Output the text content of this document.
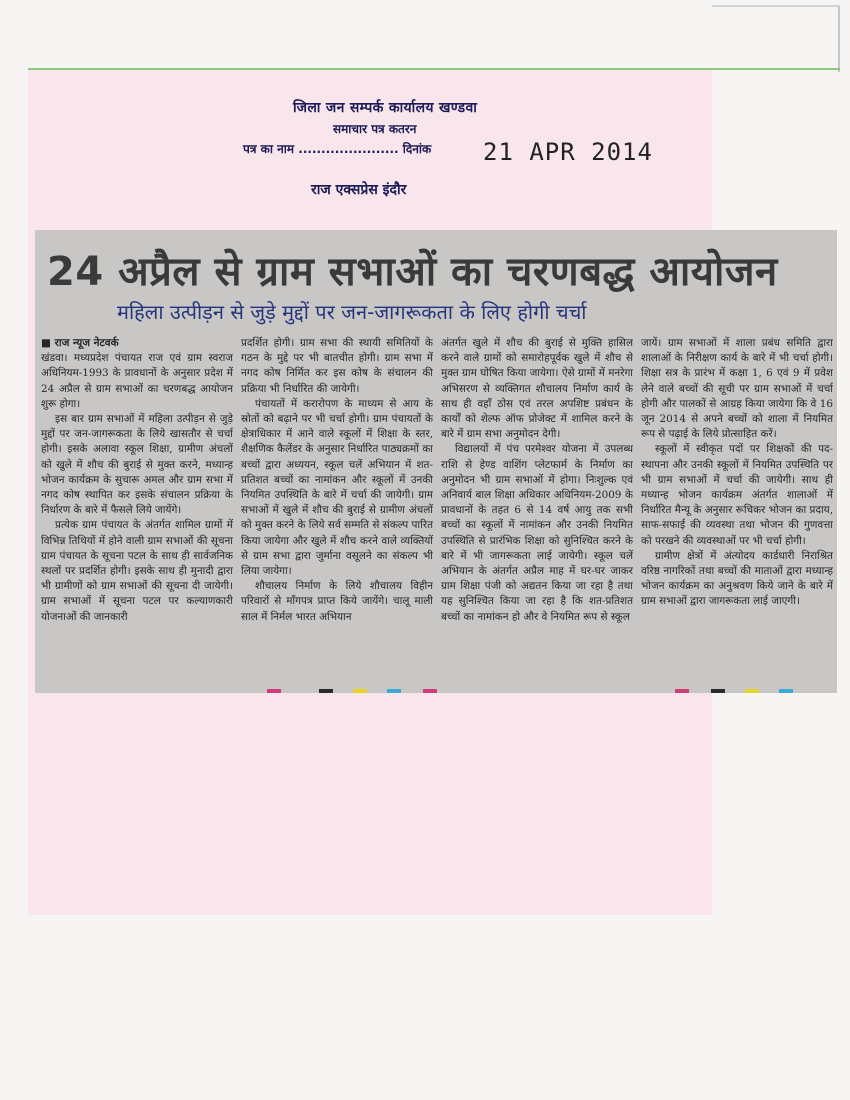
जिला जन सम्पर्क कार्यालय खण्डवा
समाचार पत्र कतरन
पत्र का नाम ...................... दिनांक	21 APR 2014
राज एक्सप्रेस इंदौर
24 अप्रैल से ग्राम सभाओं का चरणबद्ध आयोजन
महिला उत्पीड़न से जुड़े मुद्दों पर जन-जागरूकता के लिए होगी चर्चा
■ राज न्यूज नेटवर्क

खंडवा। मध्यप्रदेश पंचायत राज एवं ग्राम स्वराज अधिनियम-1993 के प्रावधानों के अनुसार प्रदेश में 24 अप्रैल से ग्राम सभाओं का चरणबद्ध आयोजन शुरू होगा।

इस बार ग्राम सभाओं में महिला उत्पीड़न से जुड़े मुद्दों पर जन-जागरूकता के लिये खासतौर से चर्चा होगी। इसके अलावा स्कूल शिक्षा, ग्रामीण अंचलों को खुले में शौच की बुराई से मुक्त करने, मध्यान्ह भोजन कार्यक्रम के सुचारू अमल और ग्राम सभा में नगद कोष स्थापित कर इसके संचालन प्रक्रिया के निर्धारण के बारे में फैसले लिये जायेंगे।

प्रत्येक ग्राम पंचायत के अंतर्गत शामिल ग्रामों में विभिन्न तिथियों में होने वाली ग्राम सभाओं की सूचना ग्राम पंचायत के सूचना पटल के साथ ही सार्वजनिक स्थलों पर प्रदर्शित होगी। इसके साथ ही मुनादी द्वारा भी ग्रामीणों को ग्राम सभाओं की सूचना दी जायेगी। ग्राम सभाओं में सूचना पटल पर कल्याणकारी योजनाओं की जानकारी

प्रदर्शित होगी। ग्राम सभा की स्थायी समितियों के गठन के मुद्दे पर भी बातचीत होगी। ग्राम सभा में नगद कोष निर्मित कर इस कोष के संचालन की प्रक्रिया भी निर्धारित की जायेगी।

पंचायतों में करारोपण के माध्यम से आय के स्रोतों को बढ़ाने पर भी चर्चा होगी। ग्राम पंचायतों के क्षेत्राधिकार में आने वाले स्कूलों में शिक्षा के स्तर, शैक्षणिक कैलेंडर के अनुसार निर्धारित पाठ्यक्रमों का बच्चों द्वारा अध्ययन, स्कूल चलें अभियान में शत-प्रतिशत बच्चों का नामांकन और स्कूलों में उनकी नियमित उपस्थिति के बारे में चर्चा की जायेगी। ग्राम सभाओं में खुले में शौच की बुराई से ग्रामीण अंचलों को मुक्त करने के लिये सर्व सम्मति से संकल्प पारित किया जायेगा और खुले में शौच करने वाले व्यक्तियों से ग्राम सभा द्वारा जुर्माना वसूलने का संकल्प भी लिया जायेगा।

शौचालय निर्माण के लिये शौचालय विहीन परिवारों से माँगपत्र प्राप्त किये जायेंगे। चालू माली साल में निर्मल भारत अभियान

अंतर्गत खुले में शौच की बुराई से मुक्ति हासिल करने वाले ग्रामों को समारोहपूर्वक खुले में शौच से मुक्त ग्राम घोषित किया जायेगा। ऐसे ग्रामों में मनरेगा अभिसरण से व्यक्तिगत शौचालय निर्माण कार्य के साथ ही वहाँ ठोस एवं तरल अपशिष्ट प्रबंधन के कार्यों को शेल्फ ऑफ प्रोजेक्ट में शामिल करने के बारे में ग्राम सभा अनुमोदन देगी।

विद्यालयों में पंच परमेश्वर योजना में उपलब्ध राशि से हेण्ड वाशिंग प्लेटफार्म के निर्माण का अनुमोदन भी ग्राम सभाओं में होगा। निःशुल्क एवं अनिवार्य बाल शिक्षा अधिकार अधिनियम-2009 के प्रावधानों के तहत 6 से 14 वर्ष आयु तक सभी बच्चों का स्कूलों में नामांकन और उनकी नियमित उपस्थिति से प्रारंभिक शिक्षा को सुनिश्चित करने के बारे में भी जागरूकता लाई जायेगी। स्कूल चलें अभियान के अंतर्गत अप्रैल माह में घर-घर जाकर ग्राम शिक्षा पंजी को अद्यतन किया जा रहा है तथा यह सुनिश्चित किया जा रहा है कि शत-प्रतिशत बच्चों का नामांकन हो और वे नियमित रूप से स्कूल

जायें। ग्राम सभाओं में शाला प्रबंध समिति द्वारा शालाओं के निरीक्षण कार्य के बारे में भी चर्चा होगी। शिक्षा सत्र के प्रारंभ में कक्षा 1, 6 एवं 9 में प्रवेश लेने वाले बच्चों की सूची पर ग्राम सभाओं में चर्चा होगी और पालकों से आग्रह किया जायेगा कि वे 16 जून 2014 से अपने बच्चों को शाला में नियमित रूप से पढ़ाई के लिये प्रोत्साहित करें।

स्कूलों में स्वीकृत पदों पर शिक्षकों की पद-स्थापना और उनकी स्कूलों में नियमित उपस्थिति पर भी ग्राम सभाओं में चर्चा की जायेगी। साथ ही मध्यान्ह भोजन कार्यक्रम अंतर्गत शालाओं में निर्धारित मैन्यू के अनुसार रूचिकर भोजन का प्रदाय, साफ-सफाई की व्यवस्था तथा भोजन की गुणवत्ता को परखने की व्यवस्थाओं पर भी चर्चा होगी।

ग्रामीण क्षेत्रों में अंत्योदय कार्डधारी निराश्रित वरिष्ठ नागरिकों तथा बच्चों की माताओं द्वारा मध्यान्ह भोजन कार्यक्रम का अनुश्रवण किये जाने के बारे में ग्राम सभाओं द्वारा जागरूकता लाई जाएगी।
